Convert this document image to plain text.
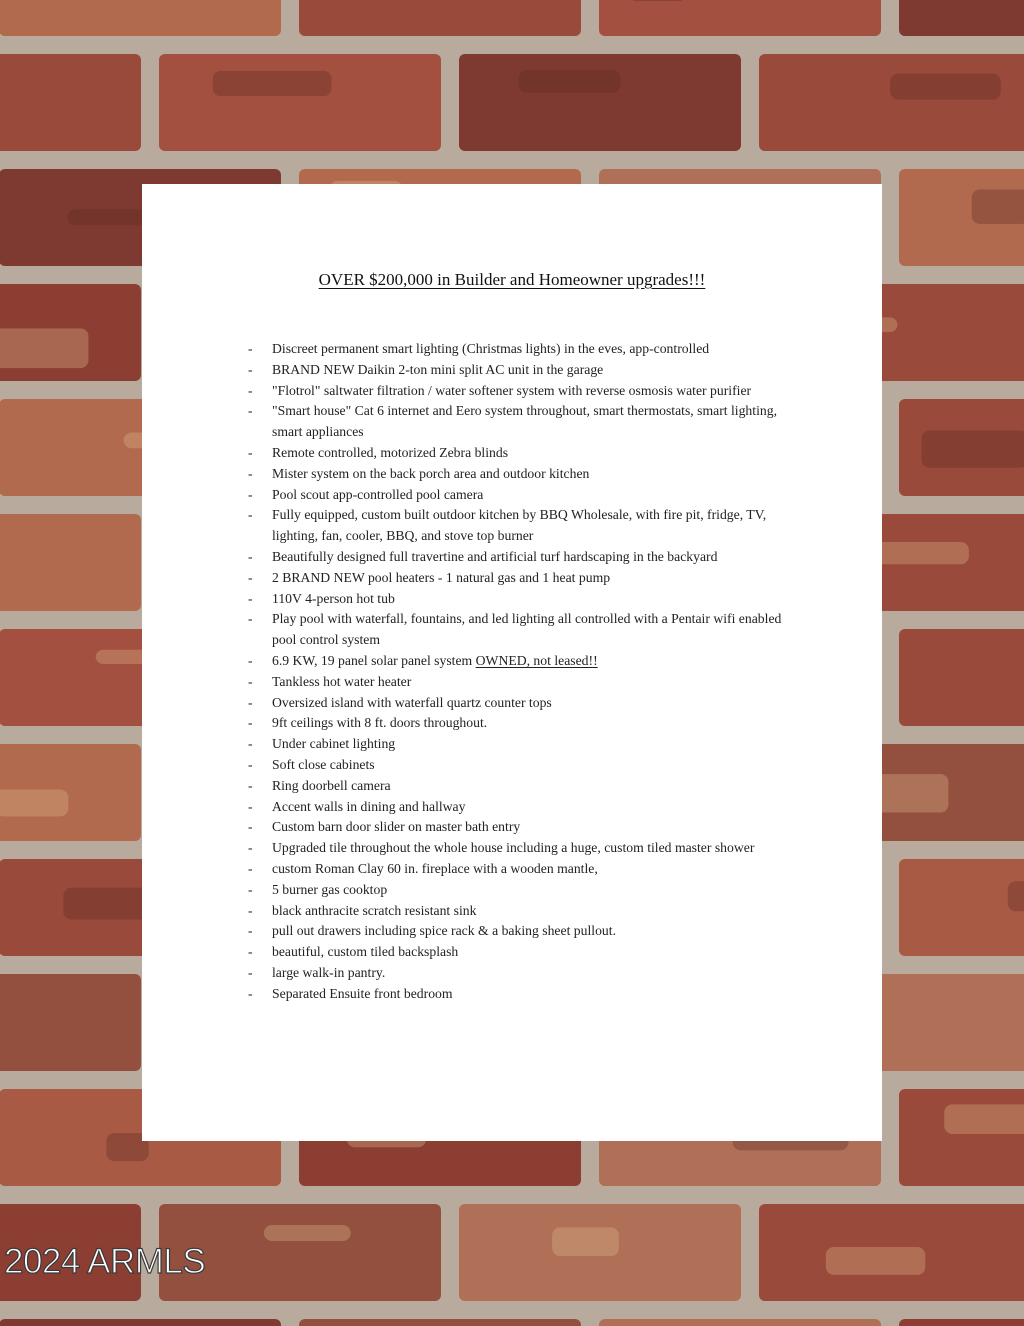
OVER $200,000 in Builder and Homeowner upgrades!!!
- Discreet permanent smart lighting (Christmas lights) in the eves, app-controlled
- BRAND NEW Daikin 2-ton mini split AC unit in the garage
- "Flotrol" saltwater filtration / water softener system with reverse osmosis water purifier
- "Smart house" Cat 6 internet and Eero system throughout, smart thermostats, smart lighting, smart appliances
- Remote controlled, motorized Zebra blinds
- Mister system on the back porch area and outdoor kitchen
- Pool scout app-controlled pool camera
- Fully equipped, custom built outdoor kitchen by BBQ Wholesale, with fire pit, fridge, TV, lighting, fan, cooler, BBQ, and stove top burner
- Beautifully designed full travertine and artificial turf hardscaping in the backyard
- 2 BRAND NEW pool heaters - 1 natural gas and 1 heat pump
- 110V 4-person hot tub
- Play pool with waterfall, fountains, and led lighting all controlled with a Pentair wifi enabled pool control system
- 6.9 KW, 19 panel solar panel system OWNED, not leased!!
- Tankless hot water heater
- Oversized island with waterfall quartz counter tops
- 9ft ceilings with 8 ft. doors throughout.
- Under cabinet lighting
- Soft close cabinets
- Ring doorbell camera
- Accent walls in dining and hallway
- Custom barn door slider on master bath entry
- Upgraded tile throughout the whole house including a huge, custom tiled master shower
- custom Roman Clay 60 in. fireplace with a wooden mantle,
- 5 burner gas cooktop
- black anthracite scratch resistant sink
- pull out drawers including spice rack & a baking sheet pullout.
- beautiful, custom tiled backsplash
- large walk-in pantry.
- Separated Ensuite front bedroom
2024 ARMLS
